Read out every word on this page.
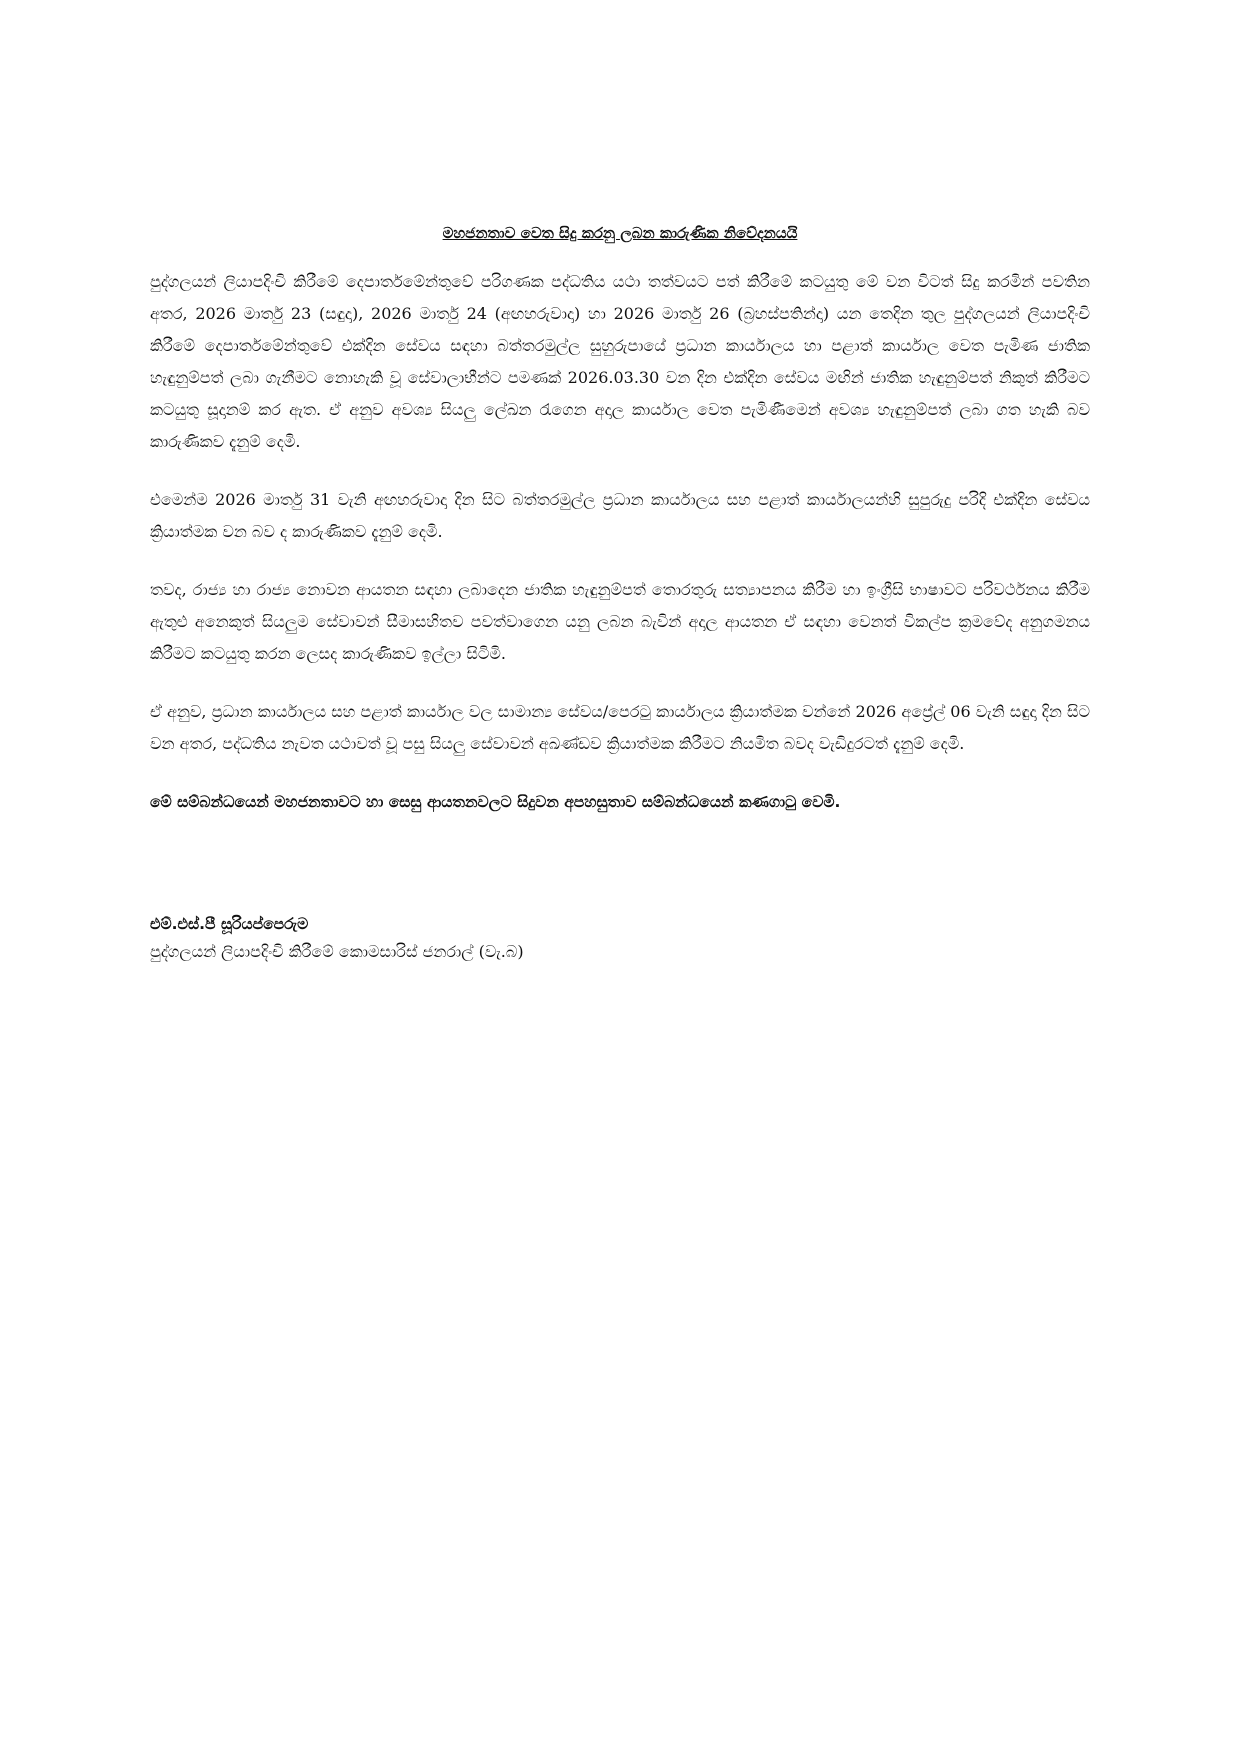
මහජනතාව වෙත සිදු කරනු ලබන කාරුණික නිවේදනයයි

පුද්ගලයන් ලියාපදිංචි කිරීමේ දෙපාර්තමේන්තුවේ පරිගණක පද්ධතිය යථා තත්වයට පත් කිරීමේ කටයුතු මේ වන විටත් සිදු කරමින් පවතින අතර, 2026 මාර්තු 23 (සඳුදා), 2026 මාර්තු 24 (අඟහරුවාදා) හා 2026 මාර්තු 26 (බ්‍රහස්පතින්දා) යන තෙදින තුල පුද්ගලයන් ලියාපදිංචි කිරීමේ දෙපාර්තමේන්තුවේ එක්දින සේවය සඳහා බත්තරමුල්ල සුහුරුපායේ ප්‍රධාන කාර්යාලය හා පළාත් කාර්යාල වෙත පැමිණ ජාතික හැඳුනුම්පත් ලබා ගැනීමට නොහැකි වූ සේවාලාභීන්ට පමණක් 2026.03.30 වන දින එක්දින සේවය මඟින් ජාතික හැඳුනුම්පත් නිකුත් කිරීමට කටයුතු සූදානම් කර ඇත. ඒ අනුව අවශ්‍ය සියලු ලේඛන රැගෙන අදාල කාර්යාල වෙත පැමිණීමෙන් අවශ්‍ය හැඳුනුම්පත් ලබා ගත හැකි බව කාරුණිකව දැනුම් දෙමි.

එමෙන්ම 2026 මාර්තු 31 වැනි අඟහරුවාදා දින සිට බත්තරමුල්ල ප්‍රධාන කාර්යාලය සහ පළාත් කාර්යාලයන්හි සුපුරුදු පරිදි එක්දින සේවය ක්‍රියාත්මක වන බව ද කාරුණිකව දැනුම් දෙමි.

තවද, රාජ්‍ය හා රාජ්‍ය නොවන ආයතන සඳහා ලබාදෙන ජාතික හැඳුනුම්පත් තොරතුරු සත්‍යාපනය කිරීම හා ඉංග්‍රීසි භාෂාවට පරිවර්ථනය කිරීම ඇතුළු අනෙකුත් සියලුම සේවාවන් සීමාසහිතව පවත්වාගෙන යනු ලබන බැවින් අදාල ආයතන ඒ සඳහා වෙනත් විකල්ප ක්‍රමවේද අනුගමනය කිරීමට කටයුතු කරන ලෙසද කාරුණිකව ඉල්ලා සිටිමි.

ඒ අනුව, ප්‍රධාන කාර්යාලය සහ පළාත් කාර්යාල වල සාමාන්‍ය සේවය/පෙරටු කාර්යාලය ක්‍රියාත්මක වන්නේ 2026 අප්‍රේල් 06 වැනි සඳුදා දින සිට වන අතර, පද්ධතිය නැවත යථාවත් වූ පසු සියලු සේවාවන් අඛණ්ඩව ක්‍රියාත්මක කිරීමට නියමිත බවද වැඩිදුරටත් දැනුම් දෙමි.

මේ සම්බන්ධයෙන් මහජනතාවට හා සෙසු ආයතනවලට සිදුවන අපහසුතාව සම්බන්ධයෙන් කණගාටු වෙමි.

එම්.එස්.පී සූරියප්පෙරුම
පුද්ගලයන් ලියාපදිංචි කිරීමේ කොමසාරිස් ජනරාල් (වැ.බ)
